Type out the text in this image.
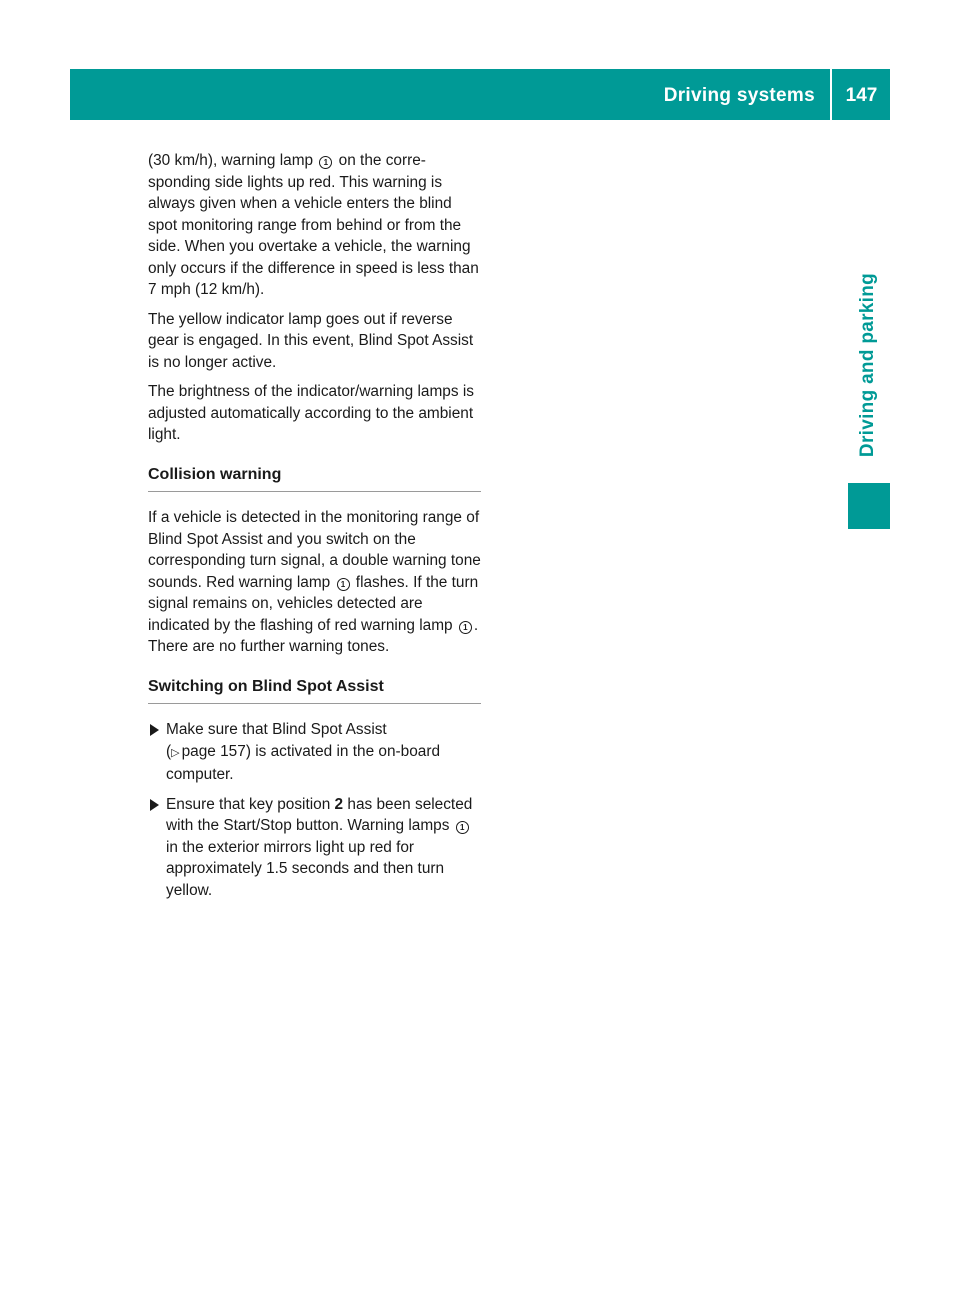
Driving systems	147
Driving and parking

(30 km/h), warning lamp 1 on the corre-sponding side lights up red. This warning is always given when a vehicle enters the blind spot monitoring range from behind or from the side. When you overtake a vehicle, the warning only occurs if the difference in speed is less than 7 mph (12 km/h).

The yellow indicator lamp goes out if reverse gear is engaged. In this event, Blind Spot Assist is no longer active.

The brightness of the indicator/warning lamps is adjusted automatically according to the ambient light.

Collision warning

If a vehicle is detected in the monitoring range of Blind Spot Assist and you switch on the corresponding turn signal, a double warning tone sounds. Red warning lamp 1 flashes. If the turn signal remains on, vehicles detected are indicated by the flashing of red warning lamp 1 . There are no further warning tones.

Switching on Blind Spot Assist
Make sure that Blind Spot Assist
(▷ page 157) is activated in the on-board computer.
Ensure that key position 2 has been selected with the Start/Stop button. Warning lamps 1 in the exterior mirrors light up red for approximately 1.5 seconds and then turn yellow.
